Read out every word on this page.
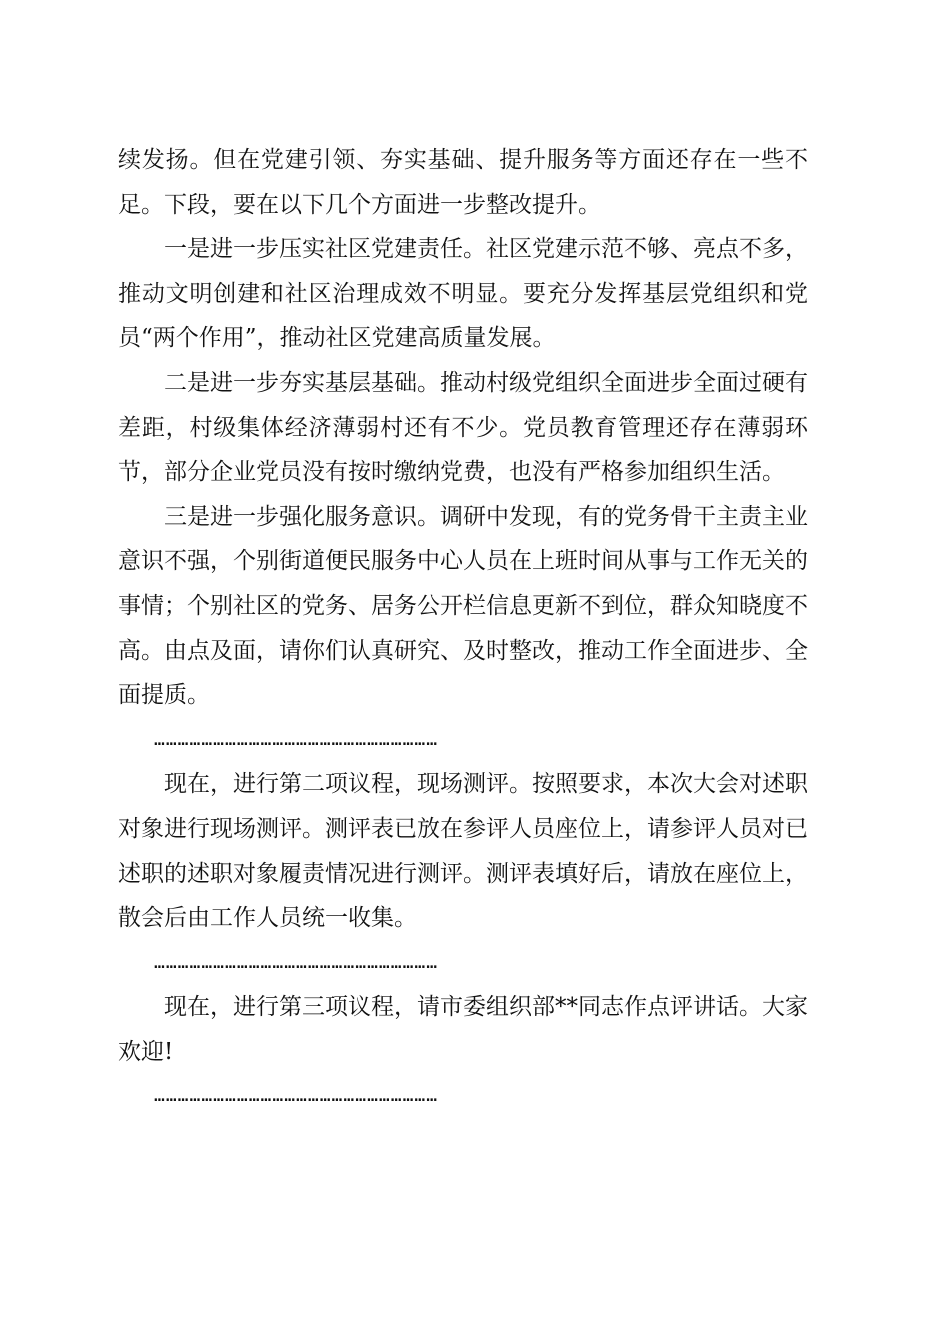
续发扬。但在党建引领、夯实基础、提升服务等方面还存在一些不足。下段，要在以下几个方面进一步整改提升。

一是进一步压实社区党建责任。社区党建示范不够、亮点不多，推动文明创建和社区治理成效不明显。要充分发挥基层党组织和党员“两个作用”，推动社区党建高质量发展。

二是进一步夯实基层基础。推动村级党组织全面进步全面过硬有差距，村级集体经济薄弱村还有不少。党员教育管理还存在薄弱环节，部分企业党员没有按时缴纳党费，也没有严格参加组织生活。

三是进一步强化服务意识。调研中发现，有的党务骨干主责主业意识不强，个别街道便民服务中心人员在上班时间从事与工作无关的事情；个别社区的党务、居务公开栏信息更新不到位，群众知晓度不高。由点及面，请你们认真研究、及时整改，推动工作全面进步、全面提质。

………………………………………………………………

现在，进行第二项议程，现场测评。按照要求，本次大会对述职对象进行现场测评。测评表已放在参评人员座位上，请参评人员对已述职的述职对象履责情况进行测评。测评表填好后，请放在座位上，散会后由工作人员统一收集。

………………………………………………………………

现在，进行第三项议程，请市委组织部**同志作点评讲话。大家欢迎!

………………………………………………………………
